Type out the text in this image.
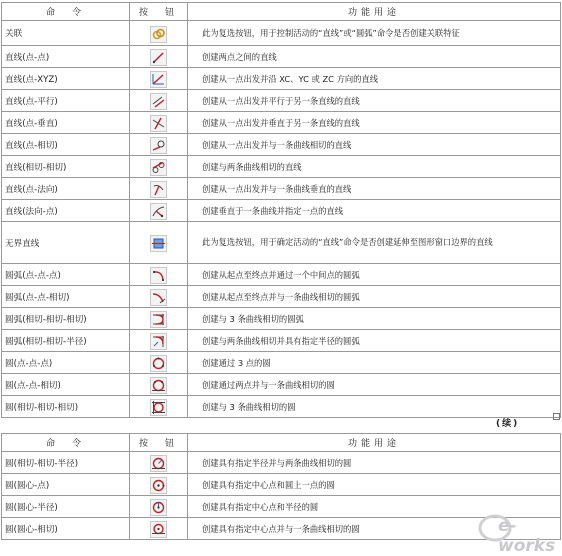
命　令	按　钮	功能用途
关联		此为复选按钮，用于控制活动的“直线”或“圆弧”命令是否创建关联特征
直线(点-点)		创建两点之间的直线
直线(点-XYZ)		创建从一点出发并沿 XC、YC 或 ZC 方向的直线
直线(点-平行)		创建从一点出发并平行于另一条直线的直线
直线(点-垂直)		创建从一点出发并垂直于另一条直线的直线
直线(点-相切)		创建从一点出发并与一条曲线相切的直线
直线(相切-相切)		创建与两条曲线相切的直线
直线(点-法向)		创建从一点出发并与一条曲线垂直的直线
直线(法向-点)		创建垂直于一条曲线并指定一点的直线
无界直线		此为复选按钮，用于确定活动的“直线”命令是否创建延伸至图形窗口边界的直线
圆弧(点-点-点)		创建从起点至终点并通过一个中间点的圆弧
圆弧(点-点-相切)		创建从起点至终点并与一条曲线相切的圆弧
圆弧(相切-相切-相切)		创建与 3 条曲线相切的圆弧
圆弧(相切-相切-半径)		创建与两条曲线相切并具有指定半径的圆弧
圆(点-点-点)		创建通过 3 点的圆
圆(点-点-相切)		创建通过两点并与一条曲线相切的圆
圆(相切-相切-相切)		创建与 3 条曲线相切的圆
(续)
命　令	按　钮	功能用途
圆(相切-相切-半径)		创建具有指定半径并与两条曲线相切的圆
圆(圆心-点)		创建具有指定中心点和圆上一点的圆
圆(圆心-半径)		创建具有指定中心点和半径的圆
圆(圆心-相切)		创建具有指定中心点并与一条曲线相切的圆	e-works
